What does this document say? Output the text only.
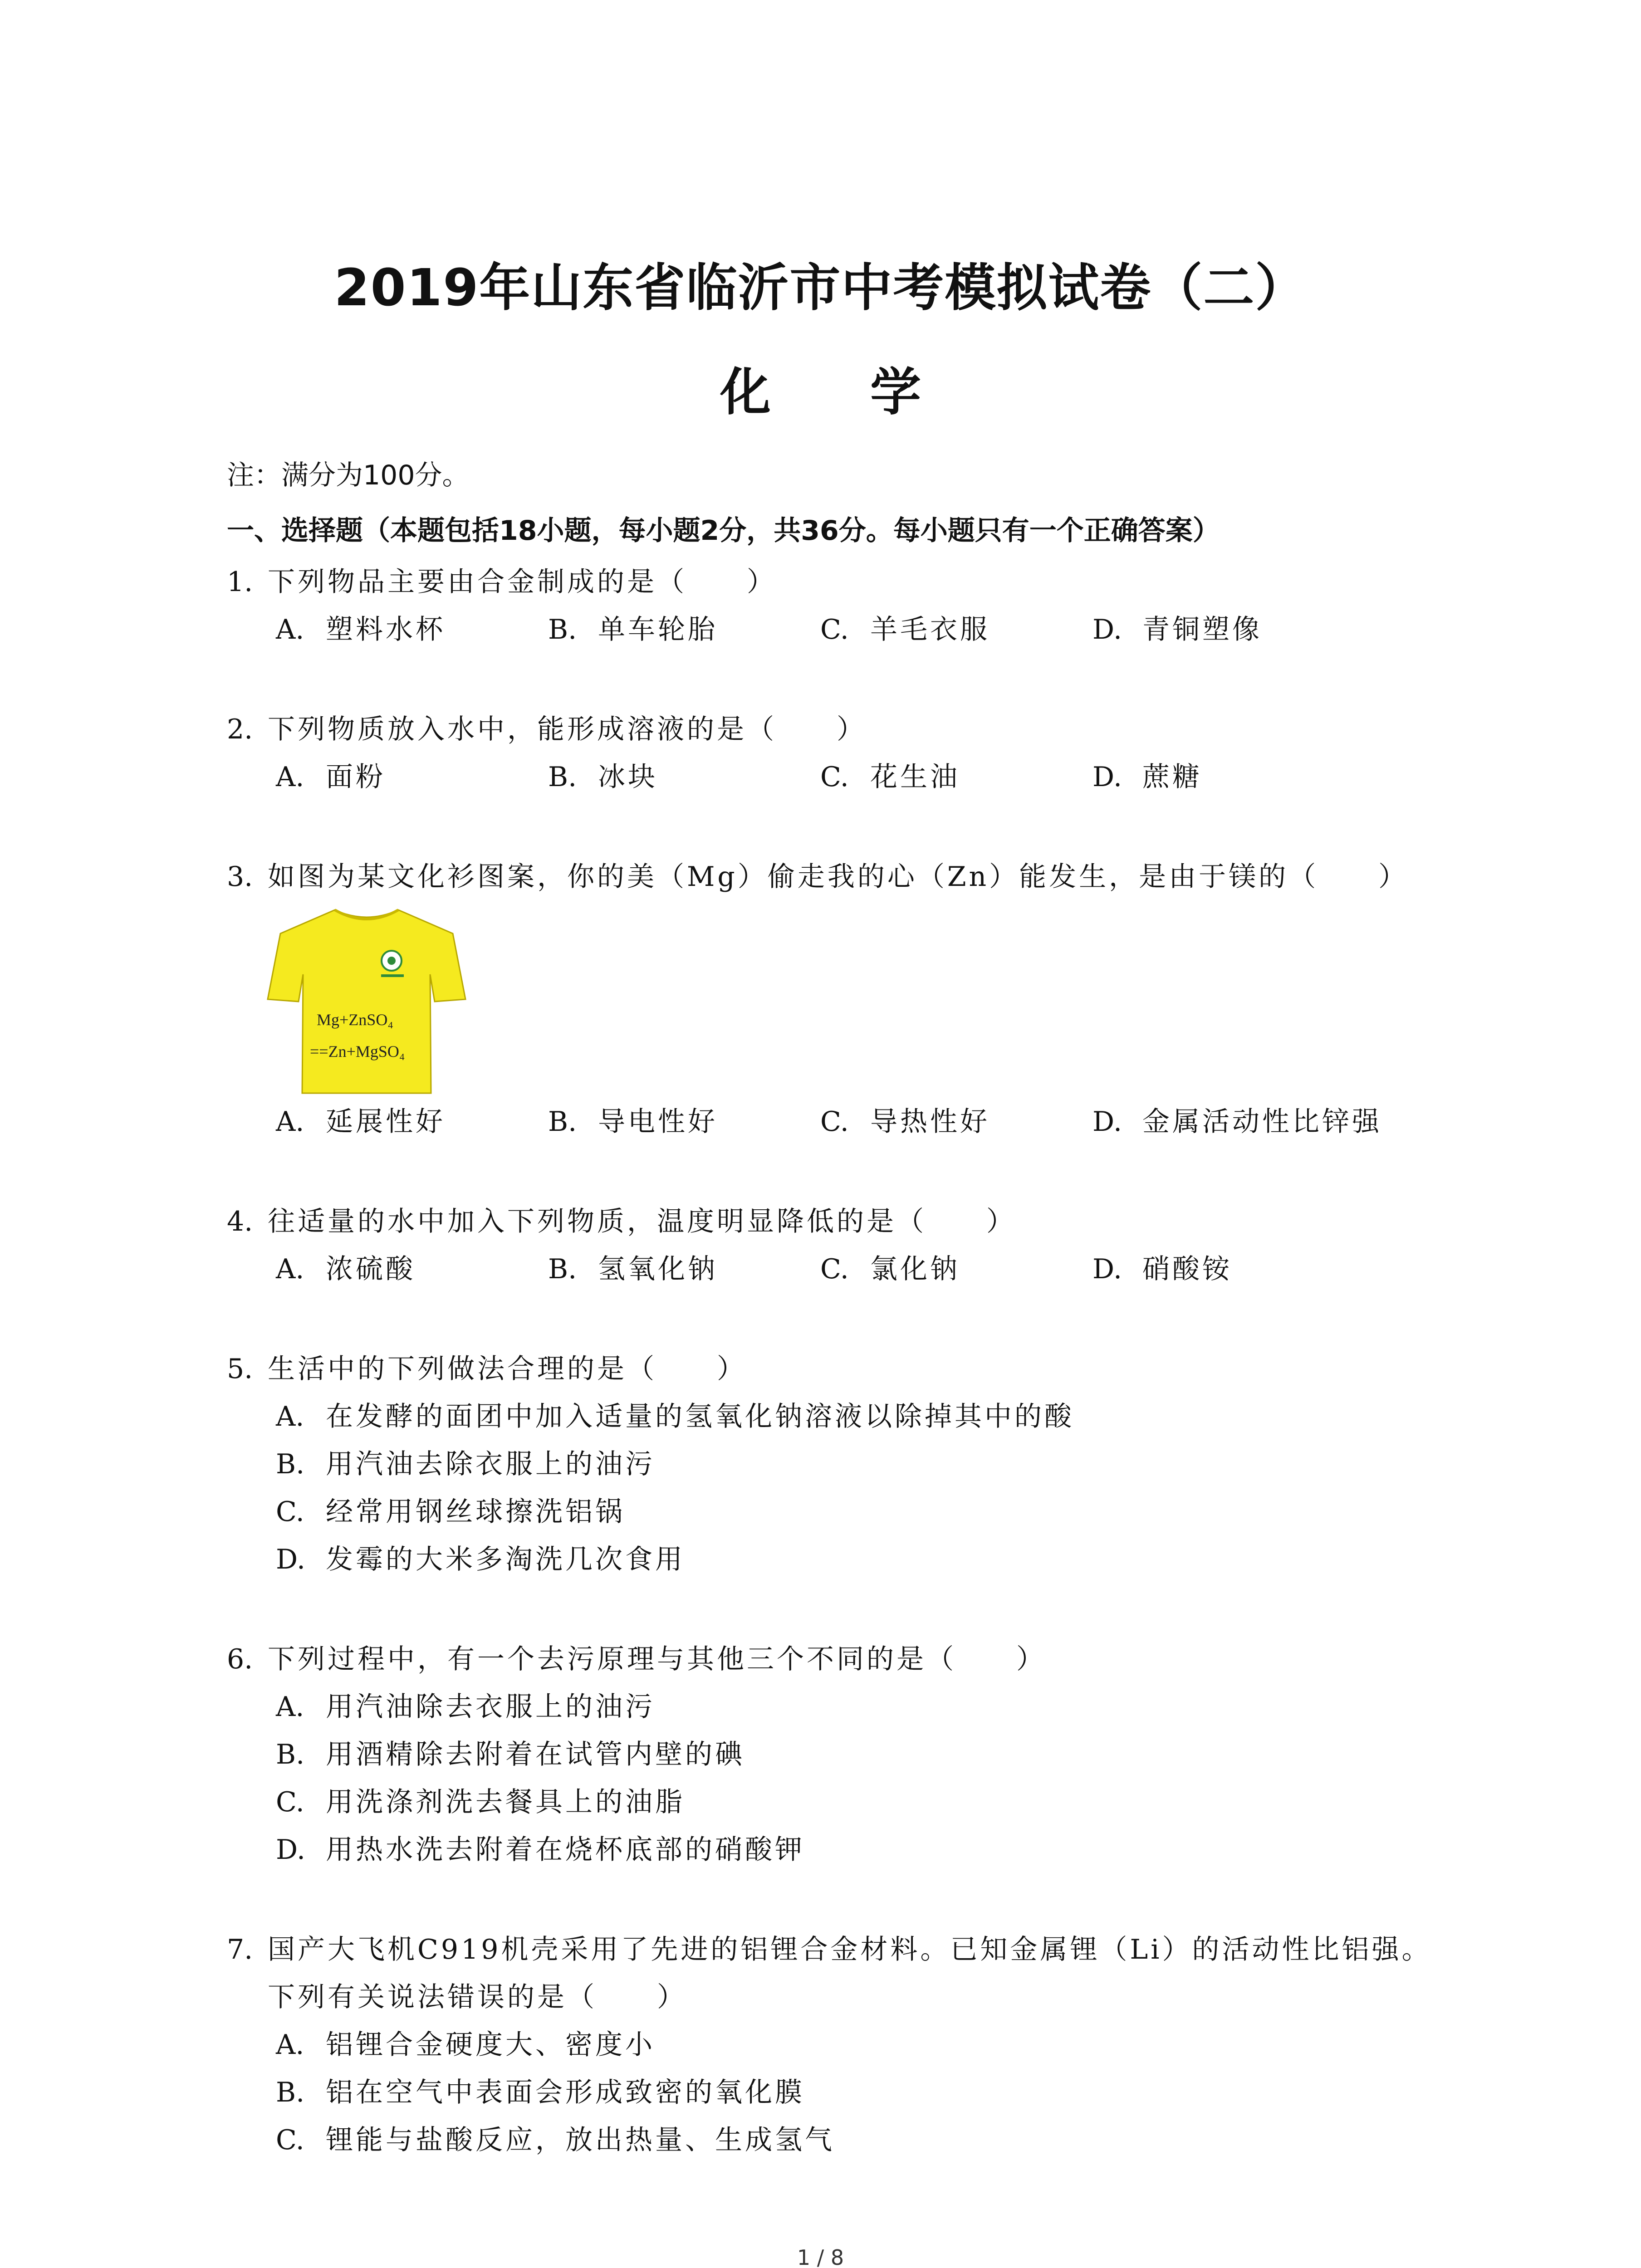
2019年山东省临沂市中考模拟试卷（二）
化 学
注：满分为100分。
一、选择题（本题包括18小题，每小题2分，共36分。每小题只有一个正确答案）
1. 下列物品主要由合金制成的是（　　）
A. 塑料水杯	B. 单车轮胎	C. 羊毛衣服	D. 青铜塑像
2. 下列物质放入水中，能形成溶液的是（　　）
A. 面粉	B. 冰块	C. 花生油	D. 蔗糖
3. 如图为某文化衫图案，你的美（Mg）偷走我的心（Zn）能发生，是由于镁的（　　）
Mg+ZnSO₄
==Zn+MgSO₄
A. 延展性好	B. 导电性好	C. 导热性好	D. 金属活动性比锌强
4. 往适量的水中加入下列物质，温度明显降低的是（　　）
A. 浓硫酸	B. 氢氧化钠	C. 氯化钠	D. 硝酸铵
5. 生活中的下列做法合理的是（　　）
A. 在发酵的面团中加入适量的氢氧化钠溶液以除掉其中的酸
B. 用汽油去除衣服上的油污
C. 经常用钢丝球擦洗铝锅
D. 发霉的大米多淘洗几次食用
6. 下列过程中，有一个去污原理与其他三个不同的是（　　）
A. 用汽油除去衣服上的油污
B. 用酒精除去附着在试管内壁的碘
C. 用洗涤剂洗去餐具上的油脂
D. 用热水洗去附着在烧杯底部的硝酸钾
7. 国产大飞机C919机壳采用了先进的铝锂合金材料。已知金属锂（Li）的活动性比铝强。
下列有关说法错误的是（　　）
A. 铝锂合金硬度大、密度小
B. 铝在空气中表面会形成致密的氧化膜
C. 锂能与盐酸反应，放出热量、生成氢气
1 / 8
